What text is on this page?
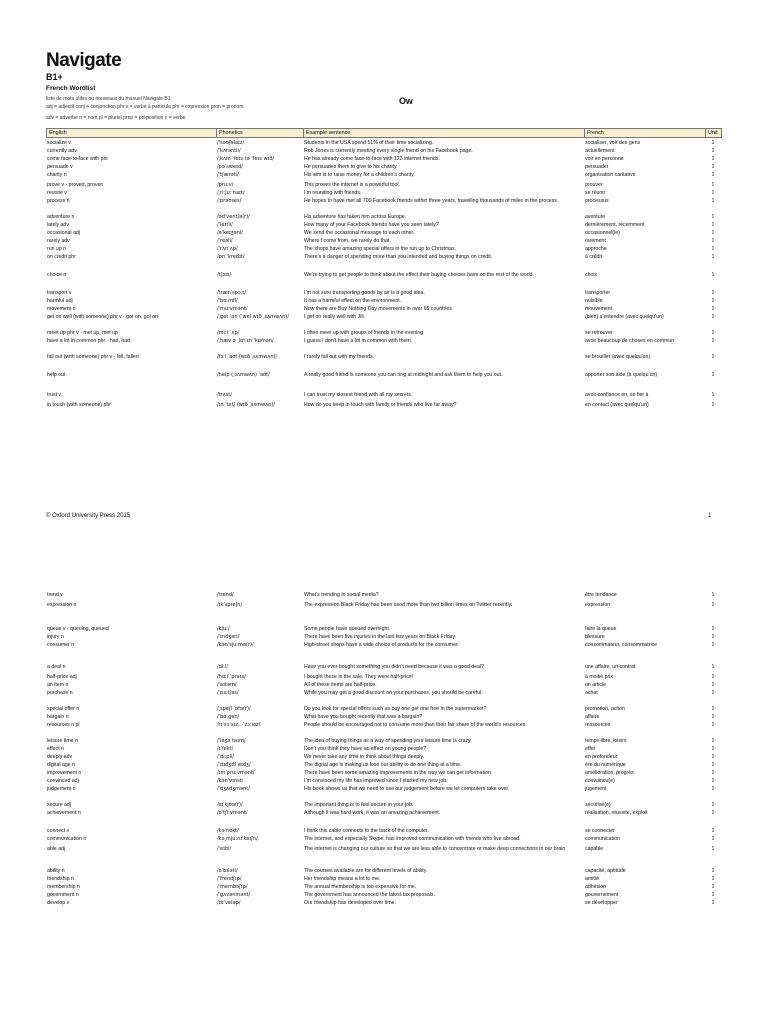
Navigate
B1+
French Wordlist
liste de mots utiles ou nouveaux du manuel Navigate B1.
adj = adjectif conj = conjonction phr v = verbe à particule phr = expression pron = pronom
adv = adverbe n = nom pl = pluriel prep = préposition v = verbe
Ow
English	Phonetics	Example sentence	French	Unit
socialize v	/ˈsəʊʃəlaɪz/	Students in the USA spend 51% of their time socializing.	socialiser, voir des gens	1
currently adv	/ˈkʌrəntli/	Rob Jones is currently meeting every single friend on his Facebook page.	actuellement	1
come face-to-face with phr	/ˌkʌm ˈfeɪs tə ˈfeɪs wɪð/	He has already come face-to-face with 123 internet friends.	voir en personne	1
persuade v	/pəˈsweɪd/	He persuades them to give to his charity.	persuader	1
charity n	/ˈtʃærəti/	His aim is to raise money for a children’s charity.	organisation caritative	1
prove v - proved, proven	/pruːv/	This proves the internet is a powerful tool.	prouver	1
reunite v	/ˌriːjuːˈnaɪt/	I’m reuniting with friends.	se réunir	1
process n	/ˈprəʊses/	He hopes to have met all 700 Facebook friends within three years, travelling thousands of miles in the process.	processus	1
adventure n	/ədˈventʃə(r)/	His adventure has taken him across Europe.	aventure	1
lately adv	/ˈleɪtli/	How many of your Facebook friends have you seen lately?	dernièrement, récemment	1
occasional adj	/əˈkeɪʒənl/	We send the occasional message to each other.	occasionnel(le)	1
rarely adv	/ˈreəli/	Where I come from, we rarely do that.	rarement	1
run up n	/ˈrʌn ʌp/	The shops have amazing special offers in the run up to Christmas.	approche	1
on credit phr	/ɒn ˈkredɪt/	There’s a danger of spending more than you intended and buying things on credit.	à crédit	1
choice n	/tʃɔɪs/	We’re trying to get people to think about the effect their buying choices have on the rest of the world.	choix	1
transport v	/trænˈspɔːt/	I’m not sure transporting goods by air is a good idea.	transporter	1
harmful adj	/ˈhɑːmfl/	It has a harmful effect on the environment.	nuisible	1
movement n	/ˈmuːvmənt/	Now there are Buy Nothing Day movements in over 65 countries.	mouvement	1
get on well (with someone) phr v - got on, got on	/ˌɡet ˈɒn (ˈwel wɪð ˌsʌmwʌn)/	I get on really well with Jill.	(bien) s’entendre (avec quelqu’un)	1
meet up phr v - met up, met up	/miːt ˈʌp/	I often meet up with groups of friends in the evening.	se retrouver	1
have a lot in common phr - had, had	/ˌhæv ə ˌlɒt ɪn ˈkɒmən/	I guess I don’t have a lot in common with them.	avoir beaucoup de choses en commun	1
fall out (with someone) phr v - fell, fallen	/fɔːl ˈaʊt (wɪð ˌsʌmwʌn)/	I rarely fall out with my friends.	se brouiller (avec quelqu’un)	1
help out	/help (ˌsʌmwʌn) ˈaʊt/	A really good friend is someone you can ring at midnight and ask them to help you out.	apporter son aide (à quelqu’un)	1
trust v	/trʌst/	I can trust my closest friend with all my secrets.	avoir confiance en, se fier à	1
in touch (with someone) phr	/ɪn ˈtʌtʃ (wɪð ˌsʌmwʌn)/	How do you keep in touch with family or friends who live far away?	en contact (avec quelqu’un)	1
© Oxford University Press 2015	1
trend v	/trend/	What’s trending in social media?	être tendance	1
expression n	/ɪkˈspreʃn/	The expression Black Friday has been used more than two billion times on Twitter recently.	expression	1
queue v - queuing, queued	/kjuː/	Some people have queued overnight.	faire la queue	1
injury n	/ˈɪndʒəri/	There have been five injuries in the last few years on Black Friday.	blessure	1
consumer n	/kənˈsjuːmə(r)/	High-street shops have a wide choice of products for the consumer.	consommateur, consommatrice	1
a deal n	/diːl/	Have you ever bought something you didn’t need because it was a good deal?	une affaire, un contrat	1
half-price adj	/hɑːf ˈpraɪs/	I bought these in the sale. They were half-price!	à moitié prix	1
an item n	/ˈaɪtəm/	All of these items are half-price.	un article	1
purchase n	/ˈpɜːtʃəs/	While you may get a good discount on your purchases, you should be careful.	achat	1
special offer n	/ˌspeʃl ˈɒfə(r)/	Do you look for special offers such as buy one get one free in the supermarket?	promotion, action	1
bargain n	/ˈbɑːɡən/	What have you bought recently that was a bargain?	affaire	1
resources n pl	/rɪˈsɔːsɪz, -ˈzɔːsɪz/	People should be encouraged not to consume more than their fair share of the world’s resources.	ressources	1
leisure time n	/ˈleʒə taɪm/	The idea of buying things as a way of spending your leisure time is crazy.	temps libre, loisirs	1
effect n	/ɪˈfekt/	Don’t you think they have an effect on young people?	effet	1
deeply adv	/ˈdiːpli/	We never take any time to think about things deeply.	en profondeur	1
digital age n	/ˈdɪdʒɪtl eɪdʒ/	The digital age is making us lose our ability to do one thing at a time.	ère du numérique	1
improvement n	/ɪmˈpruːvmənt/	There have been some amazing improvements in the way we can get information.	amélioration, progrès	1
convinced adj	/kənˈvɪnst/	I’m convinced my life has improved since I started my new job.	convaincu(e)	1
judgement n	/ˈdʒʌdʒmənt/	His book shows us that we need to use our judgement before we let computers take over.	jugement	1
secure adj	/sɪˈkjʊə(r)/	The important thing is to feel secure in your job.	sécurisé(e)	1
achievement n	/əˈtʃiːvmənt/	Although it was hard work, it was an amazing achievement.	réalisation, réussite, exploit	1
connect v	/kəˈnekt/	I think this cable connects to the back of the computer.	se connecter	1
communication n	/kəˌmjuːnɪˈkeɪʃn/	The internet, and especially Skype, has improved communication with friends who live abroad.	communication	1
able adj	/ˈeɪbl/	The internet is changing our culture so that we are less able to concentrate or make deep connections in our brain.	capable	1
ability n	/əˈbɪləti/	The courses available are for different levels of ability.	capacité, aptitude	1
friendship n	/ˈfrendʃɪp/	Her friendship means a lot to me.	amitié	1
membership n	/ˈmembəʃɪp/	The annual membership is too expensive for me.	adhésion	1
government n	/ˈɡʌvənmənt/	The government has announced the latest tax proposals.	gouvernement	1
develop v	/dɪˈveləp/	Our friendship has developed over time.	se développer	1
